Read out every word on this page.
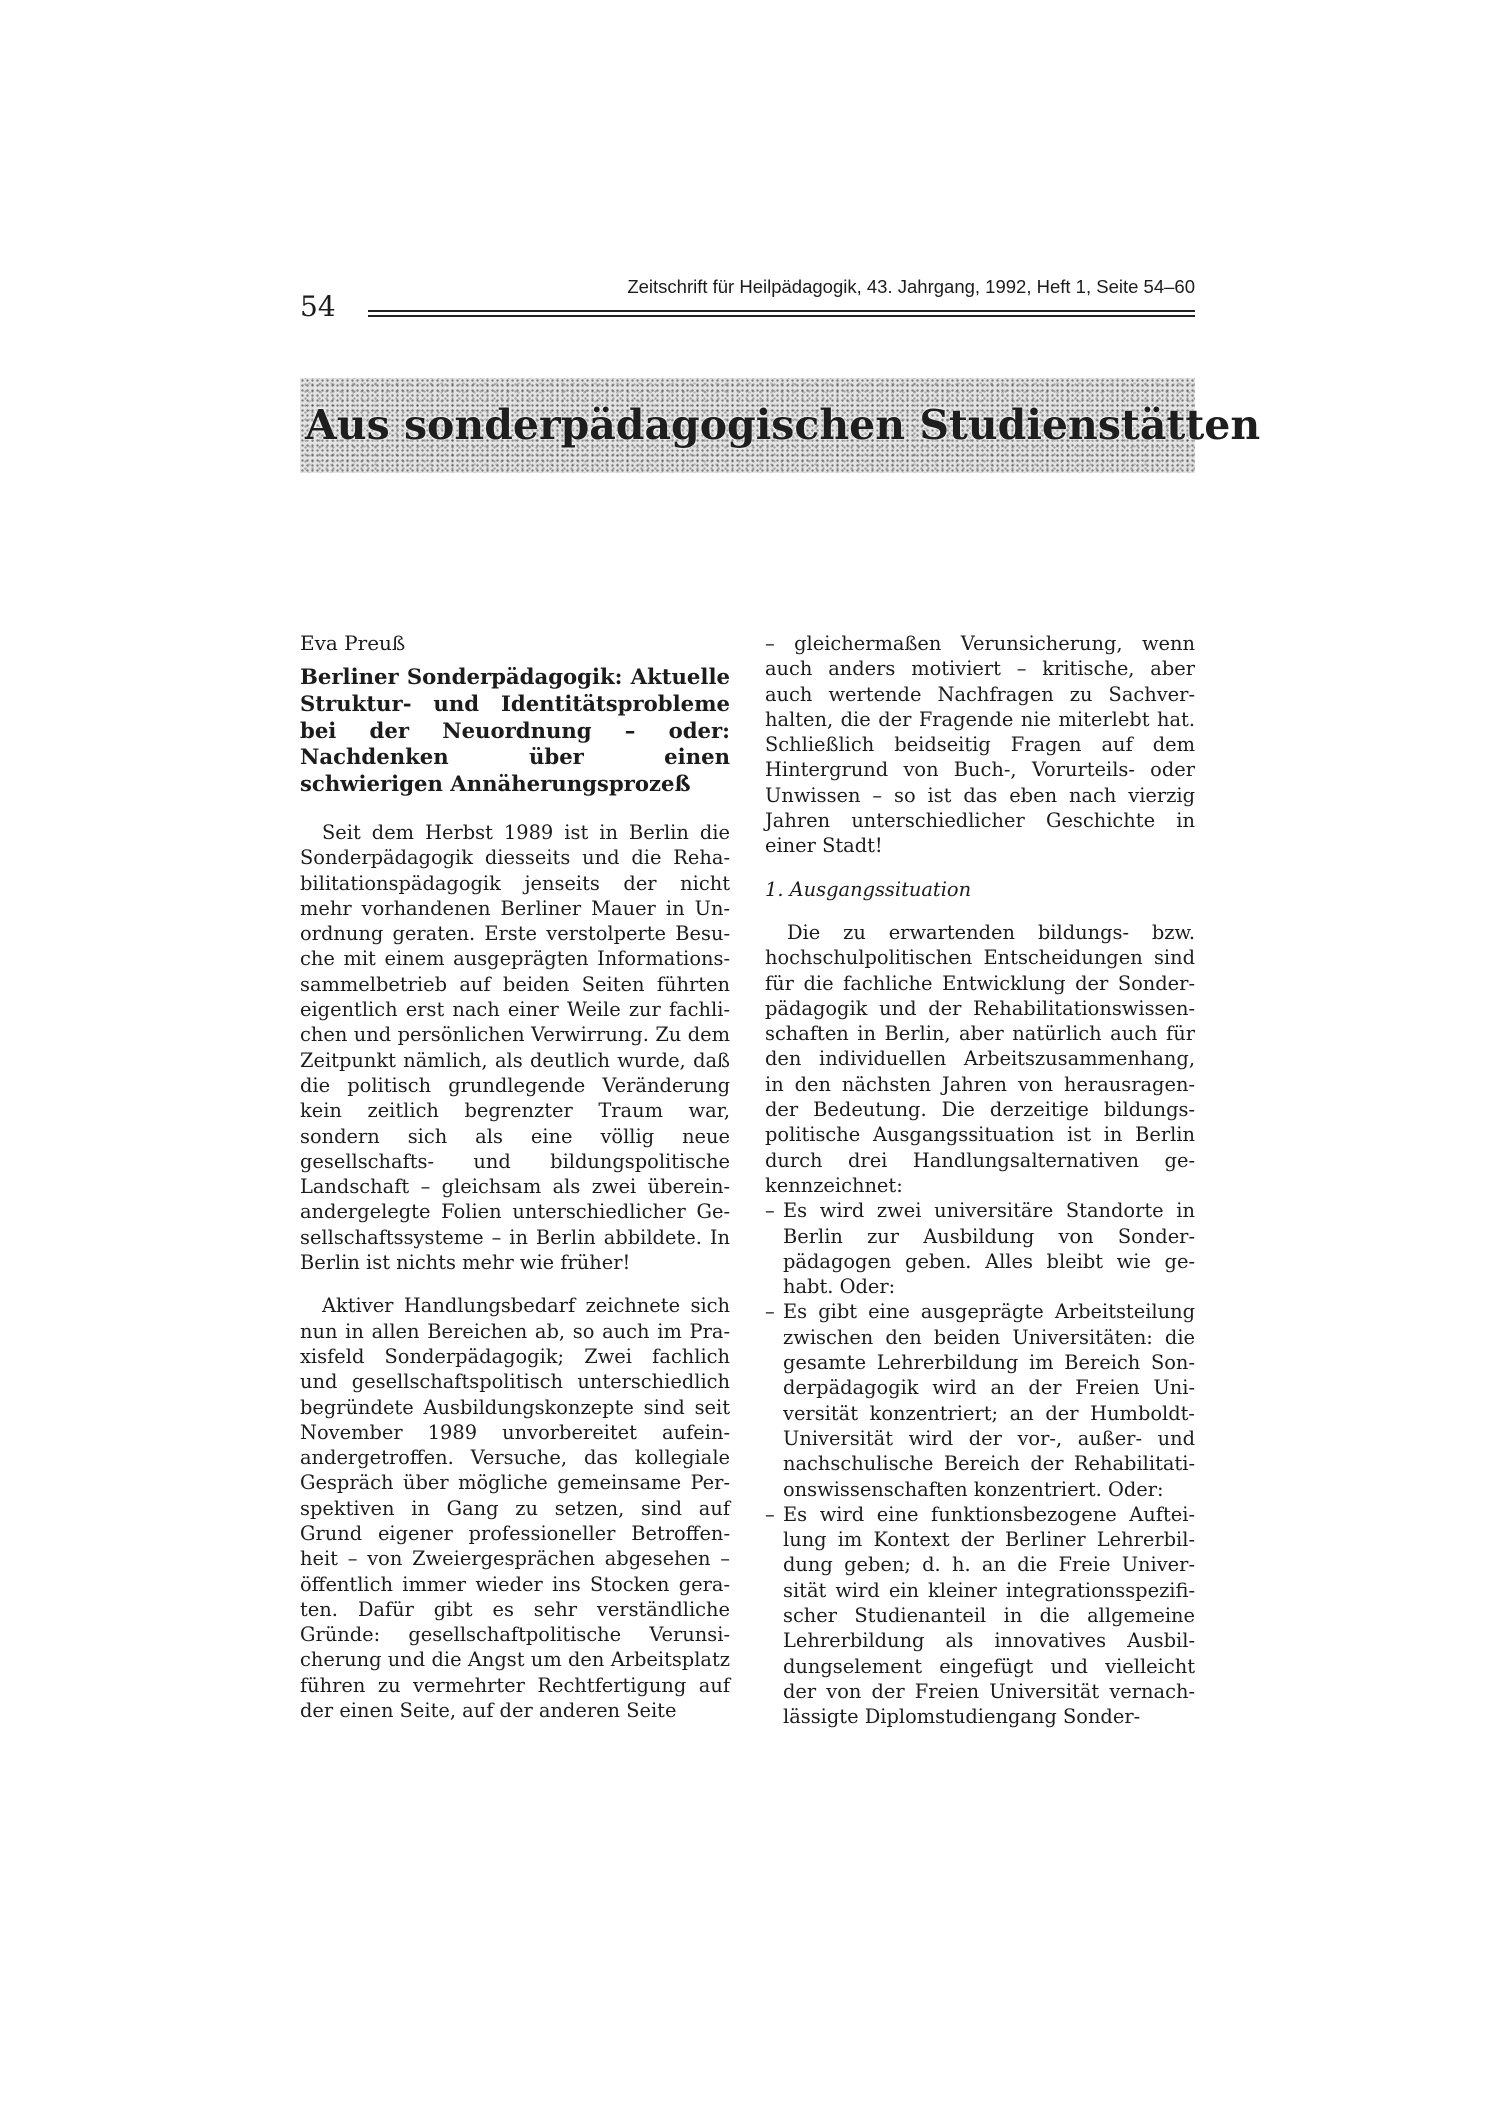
54
Zeitschrift für Heilpädagogik, 43. Jahrgang, 1992, Heft 1, Seite 54–60
Aus sonderpädagogischen Studienstätten

Eva Preuß

Berliner Sonderpädagogik: Aktuelle Struktur- und Identitätsprobleme bei der Neuordnung – oder: Nachdenken über einen schwierigen Annäherungsprozeß

Seit dem Herbst 1989 ist in Berlin die Sonderpädagogik diesseits und die Rehabilitationspädagogik jenseits der nicht mehr vorhandenen Berliner Mauer in Unordnung geraten. Erste verstolperte Besuche mit einem ausgeprägten Informationssammelbetrieb auf beiden Seiten führten eigentlich erst nach einer Weile zur fachlichen und persönlichen Verwirrung. Zu dem Zeitpunkt nämlich, als deutlich wurde, daß die politisch grundlegende Veränderung kein zeitlich begrenzter Traum war, sondern sich als eine völlig neue gesellschafts- und bildungspolitische Landschaft – gleichsam als zwei übereinandergelegte Folien unterschiedlicher Gesellschaftssysteme – in Berlin abbildete. In Berlin ist nichts mehr wie früher!

Aktiver Handlungsbedarf zeichnete sich nun in allen Bereichen ab, so auch im Praxisfeld Sonderpädagogik; Zwei fachlich und gesellschaftspolitisch unterschiedlich begründete Ausbildungskonzepte sind seit November 1989 unvorbereitet aufeinandergetroffen. Versuche, das kollegiale Gespräch über mögliche gemeinsame Perspektiven in Gang zu setzen, sind auf Grund eigener professioneller Betroffenheit – von Zweiergesprächen abgesehen – öffentlich immer wieder ins Stocken geraten. Dafür gibt es sehr verständliche Gründe: gesellschaftpolitische Verunsicherung und die Angst um den Arbeitsplatz führen zu vermehrter Rechtfertigung auf der einen Seite, auf der anderen Seite

– gleichermaßen Verunsicherung, wenn auch anders motiviert – kritische, aber auch wertende Nachfragen zu Sachverhalten, die der Fragende nie miterlebt hat. Schließlich beidseitig Fragen auf dem Hintergrund von Buch-, Vorurteils- oder Unwissen – so ist das eben nach vierzig Jahren unterschiedlicher Geschichte in einer Stadt!

1. Ausgangssituation

Die zu erwartenden bildungs- bzw. hochschulpolitischen Entscheidungen sind für die fachliche Entwicklung der Sonderpädagogik und der Rehabilitationswissenschaften in Berlin, aber natürlich auch für den individuellen Arbeitszusammenhang, in den nächsten Jahren von herausragender Bedeutung. Die derzeitige bildungspolitische Ausgangssituation ist in Berlin durch drei Handlungsalternativen gekennzeichnet:

– Es wird zwei universitäre Standorte in Berlin zur Ausbildung von Sonderpädagogen geben. Alles bleibt wie gehabt. Oder:
– Es gibt eine ausgeprägte Arbeitsteilung zwischen den beiden Universitäten: die gesamte Lehrerbildung im Bereich Sonderpädagogik wird an der Freien Universität konzentriert; an der Humboldt-Universität wird der vor-, außer- und nachschulische Bereich der Rehabilitationswissenschaften konzentriert. Oder:
– Es wird eine funktionsbezogene Aufteilung im Kontext der Berliner Lehrerbildung geben; d. h. an die Freie Universität wird ein kleiner integrationsspezifischer Studienanteil in die allgemeine Lehrerbildung als innovatives Ausbildungselement eingefügt und vielleicht der von der Freien Universität vernachlässigte Diplomstudiengang Sonder-
